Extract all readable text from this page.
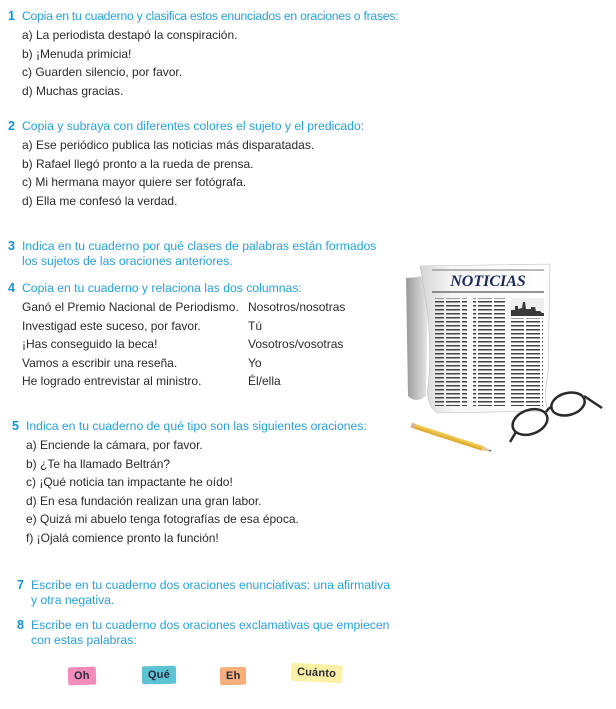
1 Copia en tu cuaderno y clasifica estos enunciados en oraciones o frases:
a) La periodista destapó la conspiración.
b) ¡Menuda primicia!
c) Guarden silencio, por favor.
d) Muchas gracias.
2 Copia y subraya con diferentes colores el sujeto y el predicado:
a) Ese periódico publica las noticias más disparatadas.
b) Rafael llegó pronto a la rueda de prensa.
c) Mi hermana mayor quiere ser fotógrafa.
d) Ella me confesó la verdad.
3 Indica en tu cuaderno por qué clases de palabras están formados
los sujetos de las oraciones anteriores.
4 Copia en tu cuaderno y relaciona las dos columnas:
Ganó el Premio Nacional de Periodismo. Nosotros/nosotras
Investigad este suceso, por favor.	Tú
¡Has conseguido la beca!	Vosotros/vosotras
Vamos a escribir una reseña.	Yo
He logrado entrevistar al ministro.	Él/ella
5 Indica en tu cuaderno de qué tipo son las siguientes oraciones:
a) Enciende la cámara, por favor.
b) ¿Te ha llamado Beltrán?
c) ¡Qué noticia tan impactante he oído!
d) En esa fundación realizan una gran labor.
e) Quizá mi abuelo tenga fotografías de esa época.
f) ¡Ojalá comience pronto la función!
7 Escribe en tu cuaderno dos oraciones enunciativas: una afirmativa
y otra negativa.
8 Escribe en tu cuaderno dos oraciones exclamativas que empiecen
con estas palabras:
Oh	Qué	Eh	Cuánto
NOTICIAS
